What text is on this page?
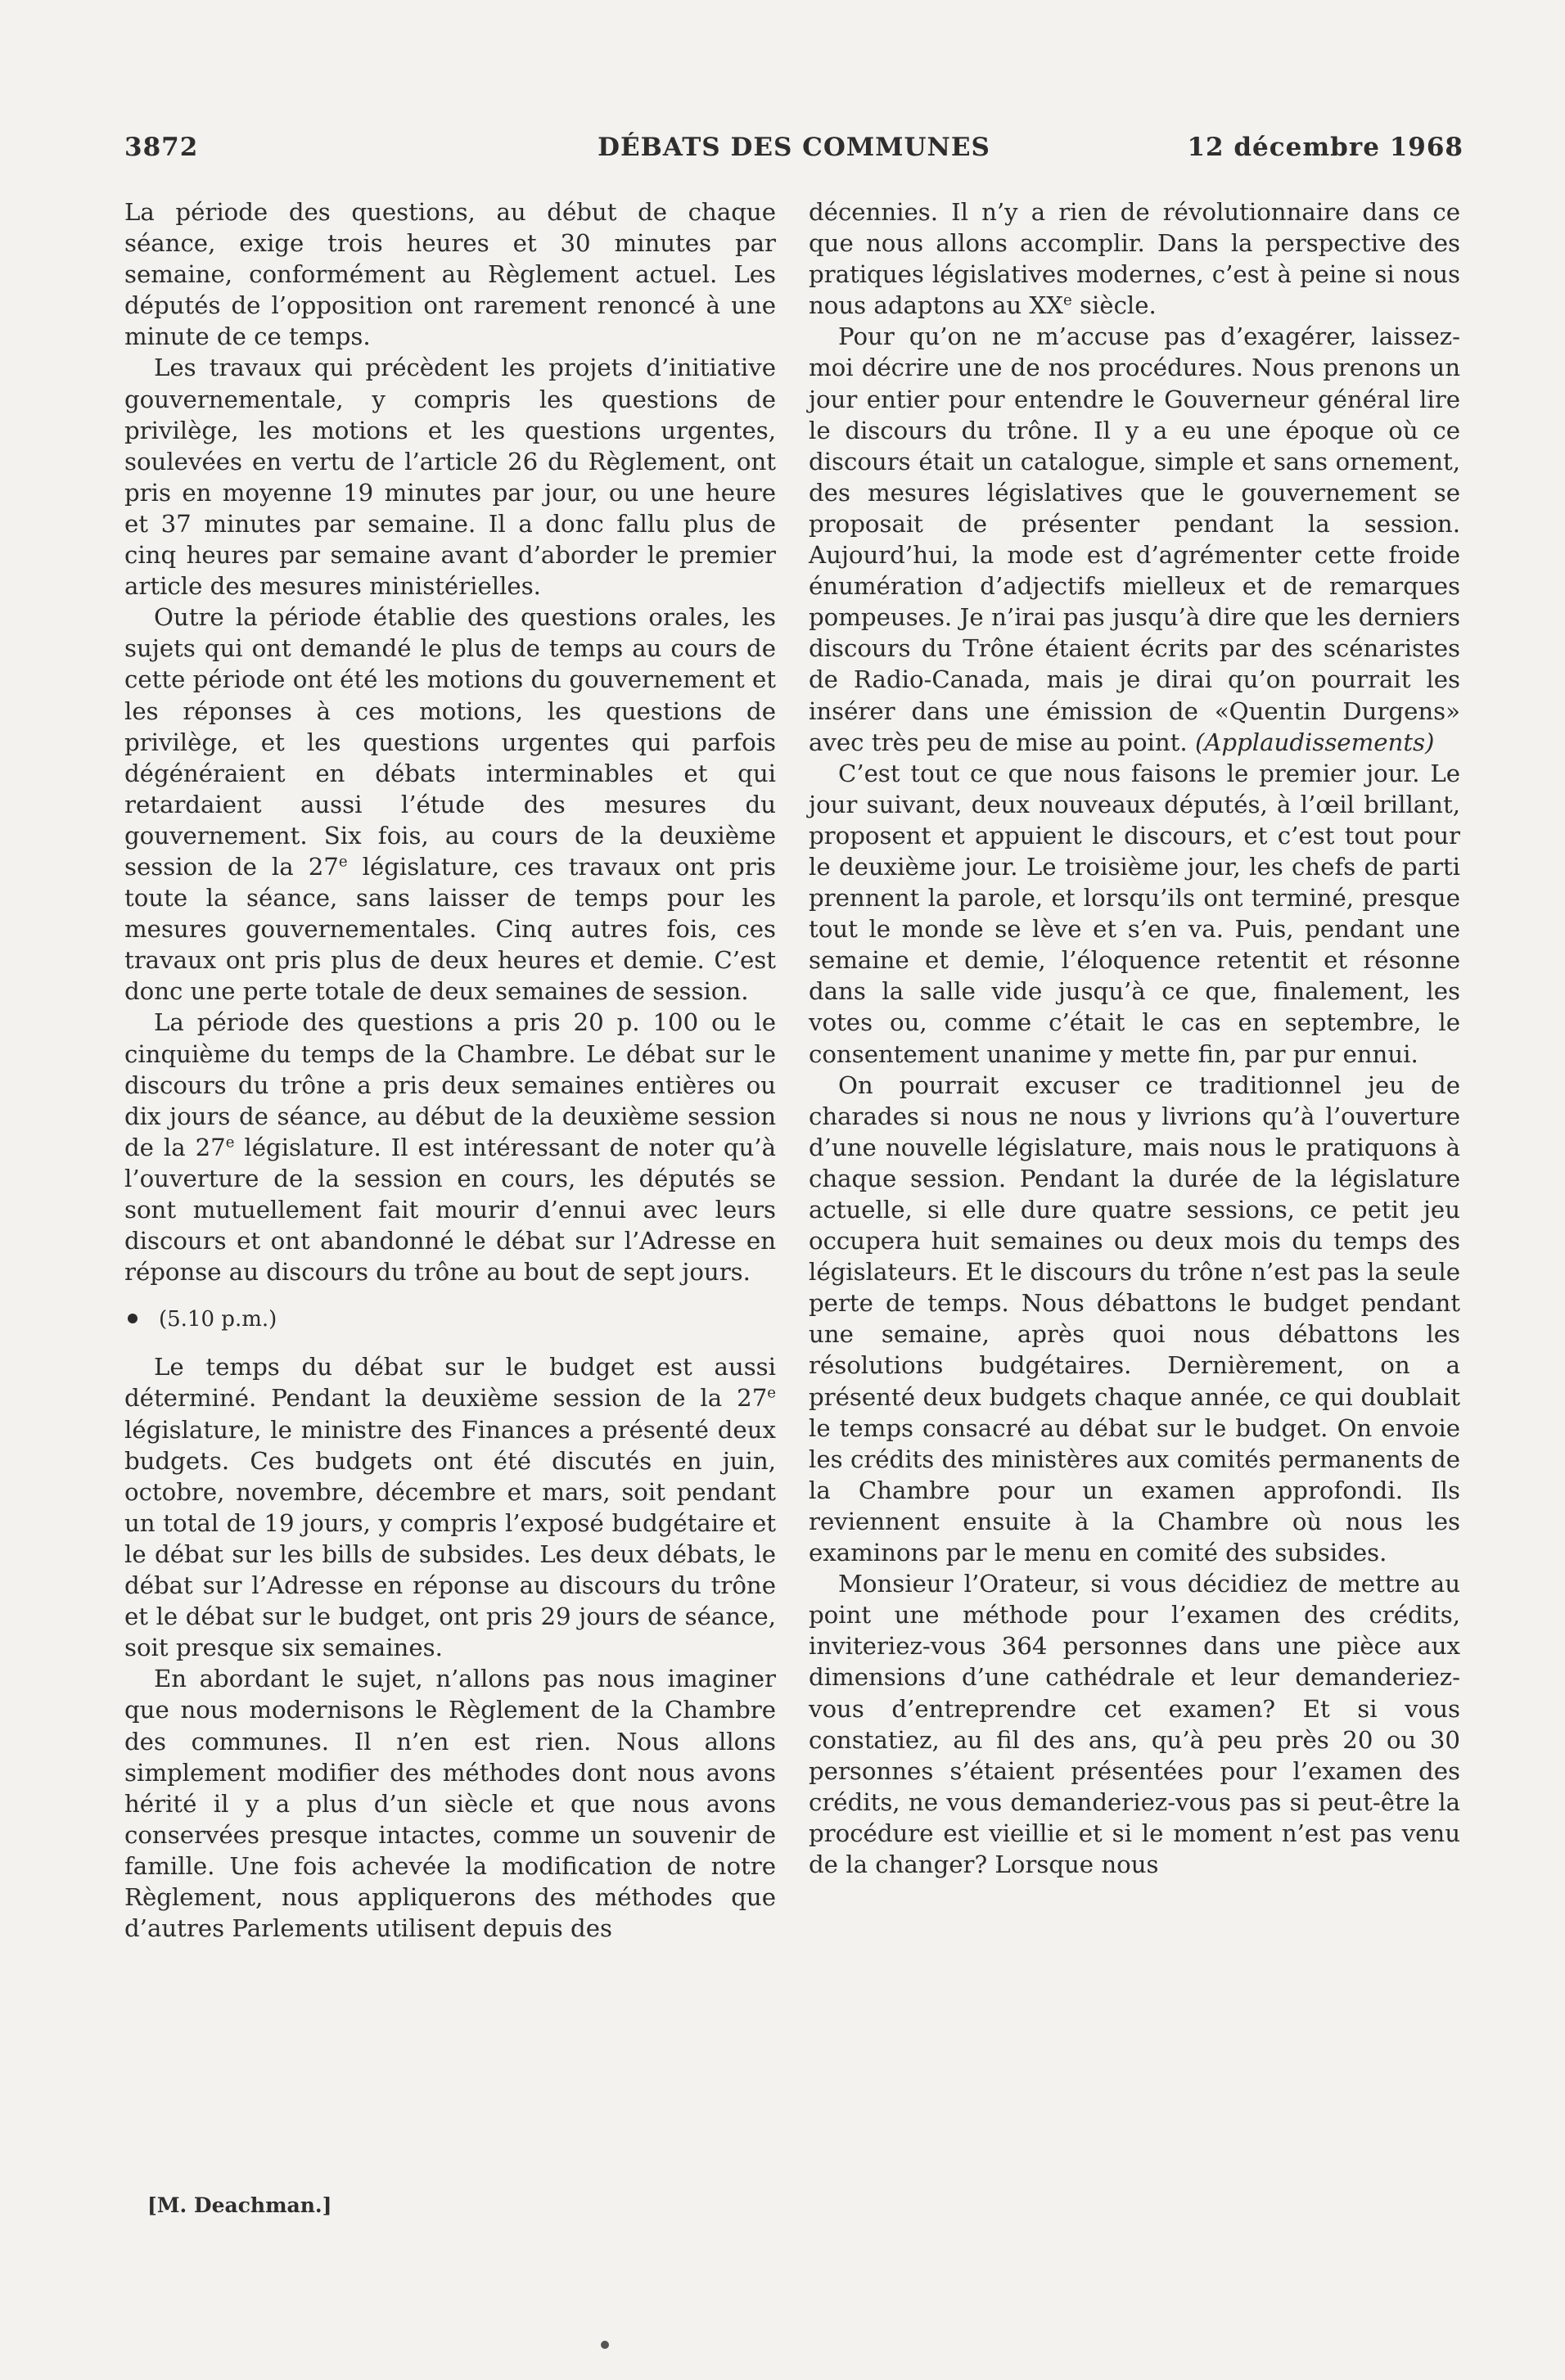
3872	DÉBATS DES COMMUNES	12 décembre 1968

La période des questions, au début de chaque séance, exige trois heures et 30 minutes par semaine, conformément au Règlement actuel. Les députés de l’opposition ont rarement renoncé à une minute de ce temps.

Les travaux qui précèdent les projets d’initiative gouvernementale, y compris les questions de privilège, les motions et les questions urgentes, soulevées en vertu de l’article 26 du Règlement, ont pris en moyenne 19 minutes par jour, ou une heure et 37 minutes par semaine. Il a donc fallu plus de cinq heures par semaine avant d’aborder le premier article des mesures ministérielles.

Outre la période établie des questions orales, les sujets qui ont demandé le plus de temps au cours de cette période ont été les motions du gouvernement et les réponses à ces motions, les questions de privilège, et les questions urgentes qui parfois dégénéraient en débats interminables et qui retardaient aussi l’étude des mesures du gouvernement. Six fois, au cours de la deuxième session de la 27e législature, ces travaux ont pris toute la séance, sans laisser de temps pour les mesures gouvernementales. Cinq autres fois, ces travaux ont pris plus de deux heures et demie. C’est donc une perte totale de deux semaines de session.

La période des questions a pris 20 p. 100 ou le cinquième du temps de la Chambre. Le débat sur le discours du trône a pris deux semaines entières ou dix jours de séance, au début de la deuxième session de la 27e législature. Il est intéressant de noter qu’à l’ouverture de la session en cours, les députés se sont mutuellement fait mourir d’ennui avec leurs discours et ont abandonné le débat sur l’Adresse en réponse au discours du trône au bout de sept jours.

(5.10 p.m.)

Le temps du débat sur le budget est aussi déterminé. Pendant la deuxième session de la 27e législature, le ministre des Finances a présenté deux budgets. Ces budgets ont été discutés en juin, octobre, novembre, décembre et mars, soit pendant un total de 19 jours, y compris l’exposé budgétaire et le débat sur les bills de subsides. Les deux débats, le débat sur l’Adresse en réponse au discours du trône et le débat sur le budget, ont pris 29 jours de séance, soit presque six semaines.

En abordant le sujet, n’allons pas nous imaginer que nous modernisons le Règlement de la Chambre des communes. Il n’en est rien. Nous allons simplement modifier des méthodes dont nous avons hérité il y a plus d’un siècle et que nous avons conservées presque intactes, comme un souvenir de famille. Une fois achevée la modification de notre Règlement, nous appliquerons des méthodes que d’autres Parlements utilisent depuis des

décennies. Il n’y a rien de révolutionnaire dans ce que nous allons accomplir. Dans la perspective des pratiques législatives modernes, c’est à peine si nous nous adaptons au XXe siècle.

Pour qu’on ne m’accuse pas d’exagérer, laissez-moi décrire une de nos procédures. Nous prenons un jour entier pour entendre le Gouverneur général lire le discours du trône. Il y a eu une époque où ce discours était un catalogue, simple et sans ornement, des mesures législatives que le gouvernement se proposait de présenter pendant la session. Aujourd’hui, la mode est d’agrémenter cette froide énumération d’adjectifs mielleux et de remarques pompeuses. Je n’irai pas jusqu’à dire que les derniers discours du Trône étaient écrits par des scénaristes de Radio-Canada, mais je dirai qu’on pourrait les insérer dans une émission de «Quentin Durgens» avec très peu de mise au point. (Applaudissements)

C’est tout ce que nous faisons le premier jour. Le jour suivant, deux nouveaux députés, à l’œil brillant, proposent et appuient le discours, et c’est tout pour le deuxième jour. Le troisième jour, les chefs de parti prennent la parole, et lorsqu’ils ont terminé, presque tout le monde se lève et s’en va. Puis, pendant une semaine et demie, l’éloquence retentit et résonne dans la salle vide jusqu’à ce que, finalement, les votes ou, comme c’était le cas en septembre, le consentement unanime y mette fin, par pur ennui.

On pourrait excuser ce traditionnel jeu de charades si nous ne nous y livrions qu’à l’ouverture d’une nouvelle législature, mais nous le pratiquons à chaque session. Pendant la durée de la législature actuelle, si elle dure quatre sessions, ce petit jeu occupera huit semaines ou deux mois du temps des législateurs. Et le discours du trône n’est pas la seule perte de temps. Nous débattons le budget pendant une semaine, après quoi nous débattons les résolutions budgétaires. Dernièrement, on a présenté deux budgets chaque année, ce qui doublait le temps consacré au débat sur le budget. On envoie les crédits des ministères aux comités permanents de la Chambre pour un examen approfondi. Ils reviennent ensuite à la Chambre où nous les examinons par le menu en comité des subsides.

Monsieur l’Orateur, si vous décidiez de mettre au point une méthode pour l’examen des crédits, inviteriez-vous 364 personnes dans une pièce aux dimensions d’une cathédrale et leur demanderiez-vous d’entreprendre cet examen? Et si vous constatiez, au fil des ans, qu’à peu près 20 ou 30 personnes s’étaient présentées pour l’examen des crédits, ne vous demanderiez-vous pas si peut-être la procédure est vieillie et si le moment n’est pas venu de la changer? Lorsque nous

[M. Deachman.]
